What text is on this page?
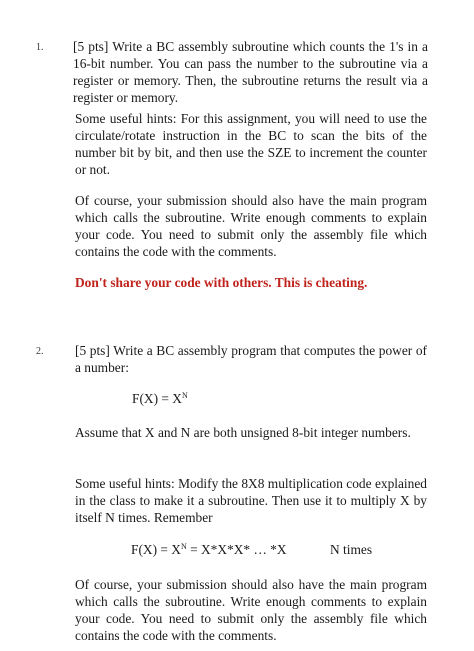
1. [5 pts] Write a BC assembly subroutine which counts the 1's in a 16-bit number. You can pass the number to the subroutine via a register or memory. Then, the subroutine returns the result via a register or memory.

Some useful hints: For this assignment, you will need to use the circulate/rotate instruction in the BC to scan the bits of the number bit by bit, and then use the SZE to increment the counter or not.

Of course, your submission should also have the main program which calls the subroutine. Write enough comments to explain your code. You need to submit only the assembly file which contains the code with the comments.

Don't share your code with others. This is cheating.

2. [5 pts] Write a BC assembly program that computes the power of a number:

$F(X) = X^N$

Assume that X and N are both unsigned 8-bit integer numbers.

Some useful hints: Modify the 8X8 multiplication code explained in the class to make it a subroutine. Then use it to multiply X by itself N times. Remember

$F(X) = X^N = X*X*X*$ … *X	N times

Of course, your submission should also have the main program which calls the subroutine. Write enough comments to explain your code. You need to submit only the assembly file which contains the code with the comments.
